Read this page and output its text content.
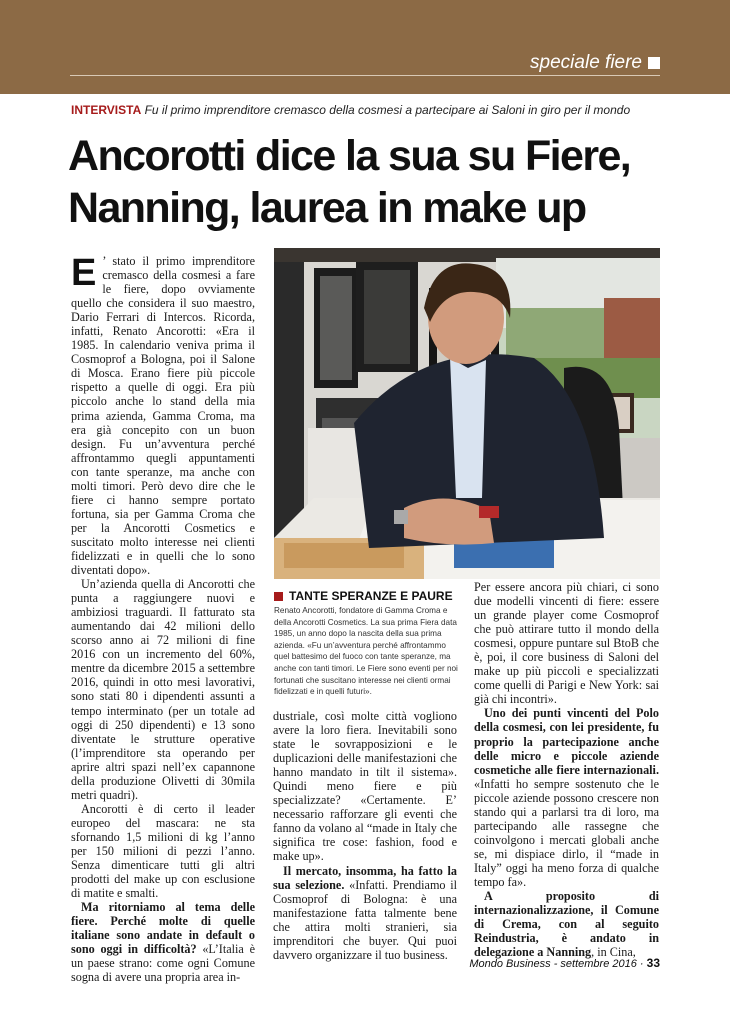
speciale fiere
INTERVISTA Fu il primo imprenditore cremasco della cosmesi a partecipare ai Saloni in giro per il mondo
Ancorotti dice la sua su Fiere,
Nanning, laurea in make up

E ’ stato il primo imprenditore cremasco della cosmesi a fare le fiere, dopo ovviamente quello che considera il suo maestro, Dario Ferrari di Intercos. Ricorda, infatti, Renato Ancorotti: «Era il 1985. In calendario veniva prima il Cosmoprof a Bologna, poi il Salone di Mosca. Erano fiere più piccole rispetto a quelle di oggi. Era più piccolo anche lo stand della mia prima azienda, Gamma Croma, ma era già concepito con un buon design. Fu un’avventura perché affrontammo quegli appuntamenti con tante speranze, ma anche con molti timori. Però devo dire che le fiere ci hanno sempre portato fortuna, sia per Gamma Croma che per la Ancorotti Cosmetics e suscitato molto interesse nei clienti fidelizzati e in quelli che lo sono diventati dopo».

Un’azienda quella di Ancorotti che punta a raggiungere nuovi e ambiziosi traguardi. Il fatturato sta aumentando dai 42 milioni dello scorso anno ai 72 milioni di fine 2016 con un incremento del 60%, mentre da dicembre 2015 a settembre 2016, quindi in otto mesi lavorativi, sono stati 80 i dipendenti assunti a tempo interminato (per un totale ad oggi di 250 dipendenti) e 13 sono diventate le strutture operative (l’imprenditore sta operando per aprire altri spazi nell’ex capannone della produzione Olivetti di 30mila metri quadri).

Ancorotti è di certo il leader europeo del mascara: ne sta sfornando 1,5 milioni di kg l’anno per 150 milioni di pezzi l’anno. Senza dimenticare tutti gli altri prodotti del make up con esclusione di matite e smalti.

Ma ritorniamo al tema delle fiere. Perché molte di quelle italiane sono andate in default o sono oggi in difficoltà? «L’Italia è un paese strano: come ogni Comune sogna di avere una propria area in-

TANTE SPERANZE E PAURE
Renato Ancorotti, fondatore di Gamma Croma e della Ancorotti Cosmetics. La sua prima Fiera data 1985, un anno dopo la nascita della sua prima azienda. «Fu un’avventura perché affrontammo quel battesimo del fuoco con tante speranze, ma anche con tanti timori. Le Fiere sono eventi per noi fortunati che suscitano interesse nei clienti ormai fidelizzati e in quelli futuri».

dustriale, così molte città vogliono avere la loro fiera. Inevitabili sono state le sovrapposizioni e le duplicazioni delle manifestazioni che hanno mandato in tilt il sistema». Quindi meno fiere e più specializzate? «Certamente. E’ necessario rafforzare gli eventi che fanno da volano al “made in Italy che significa tre cose: fashion, food e make up».

Il mercato, insomma, ha fatto la sua selezione. «Infatti. Prendiamo il Cosmoprof di Bologna: è una manifestazione fatta talmente bene che attira molti stranieri, sia imprenditori che buyer. Qui puoi davvero organizzare il tuo business.

Per essere ancora più chiari, ci sono due modelli vincenti di fiere: essere un grande player come Cosmoprof che può attirare tutto il mondo della cosmesi, oppure puntare sul BtoB che è, poi, il core business di Saloni del make up più piccoli e specializzati come quelli di Parigi e New York: sai già chi incontri».

Uno dei punti vincenti del Polo della cosmesi, con lei presidente, fu proprio la partecipazione anche delle micro e piccole aziende cosmetiche alle fiere internazionali. «Infatti ho sempre sostenuto che le piccole aziende possono crescere non stando qui a parlarsi tra di loro, ma partecipando alle rassegne che coinvolgono i mercati globali anche se, mi dispiace dirlo, il “made in Italy” oggi ha meno forza di qualche tempo fa».

A proposito di internazionalizzazione, il Comune di Crema, con al seguito Reindustria, è andato in delegazione a Nanning, in Cina,

Mondo Business - settembre 2016 · 33
